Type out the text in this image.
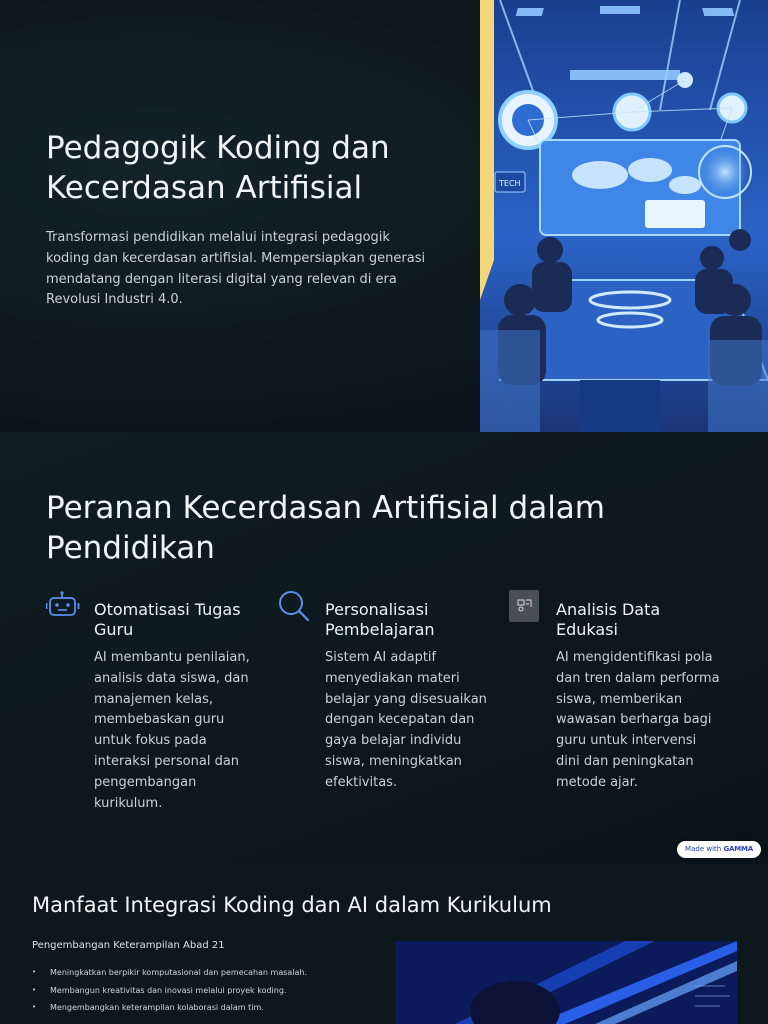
Pedagogik Koding dan Kecerdasan Artifisial

Transformasi pendidikan melalui integrasi pedagogik koding dan kecerdasan artifisial. Mempersiapkan generasi mendatang dengan literasi digital yang relevan di era Revolusi Industri 4.0.

TECH
Peranan Kecerdasan Artifisial dalam Pendidikan
Otomatisasi Tugas Guru

AI membantu penilaian, analisis data siswa, dan manajemen kelas, membebaskan guru untuk fokus pada interaksi personal dan pengembangan kurikulum.

Personalisasi Pembelajaran

Sistem AI adaptif menyediakan materi belajar yang disesuaikan dengan kecepatan dan gaya belajar individu siswa, meningkatkan efektivitas.

Analisis Data Edukasi

AI mengidentifikasi pola dan tren dalam performa siswa, memberikan wawasan berharga bagi guru untuk intervensi dini dan peningkatan metode ajar.

Made with GAMMA
Manfaat Integrasi Koding dan AI dalam Kurikulum
Pengembangan Keterampilan Abad 21
• Meningkatkan berpikir komputasional dan pemecahan masalah.
• Membangun kreativitas dan inovasi melalui proyek koding.
• Mengembangkan keterampilan kolaborasi dalam tim.
